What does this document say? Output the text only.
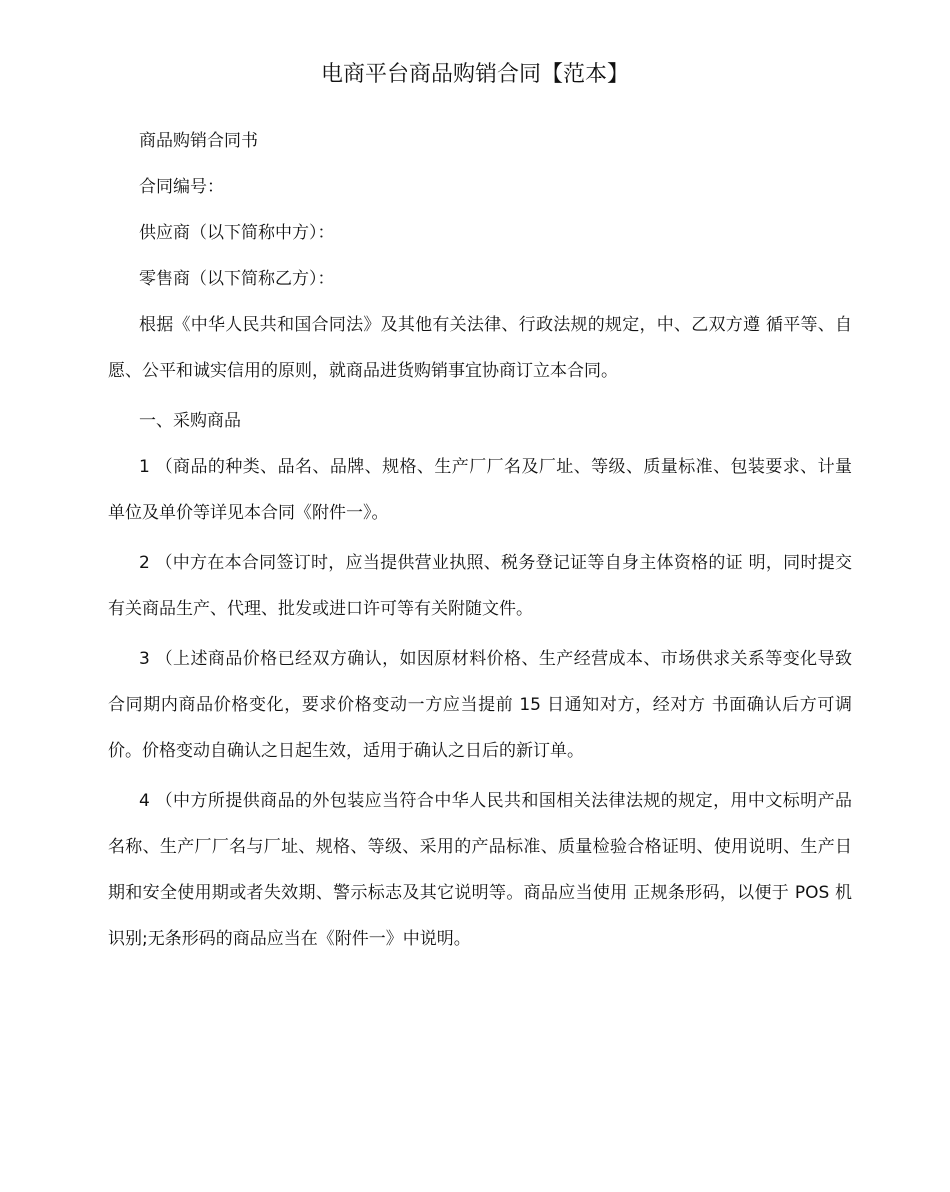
电商平台商品购销合同【范本】

商品购销合同书

合同编号：

供应商（以下简称中方）：

零售商（以下简称乙方）：

根据《中华人民共和国合同法》及其他有关法律、行政法规的规定，中、乙双方遵 循平等、自愿、公平和诚实信用的原则，就商品进货购销事宜协商订立本合同。

一、采购商品

1 （商品的种类、品名、品牌、规格、生产厂厂名及厂址、等级、质量标准、包装要求、计量单位及单价等详见本合同《附件一》。

2 （中方在本合同签订时，应当提供营业执照、税务登记证等自身主体资格的证 明，同时提交有关商品生产、代理、批发或进口许可等有关附随文件。

3 （上述商品价格已经双方确认，如因原材料价格、生产经营成本、市场供求关系等变化导致合同期内商品价格变化，要求价格变动一方应当提前 15 日通知对方，经对方 书面确认后方可调价。价格变动自确认之日起生效，适用于确认之日后的新订单。

4 （中方所提供商品的外包装应当符合中华人民共和国相关法律法规的规定，用中文标明产品名称、生产厂厂名与厂址、规格、等级、采用的产品标准、质量检验合格证明、使用说明、生产日期和安全使用期或者失效期、警示标志及其它说明等。商品应当使用 正规条形码，以便于 POS 机识别;无条形码的商品应当在《附件一》中说明。
